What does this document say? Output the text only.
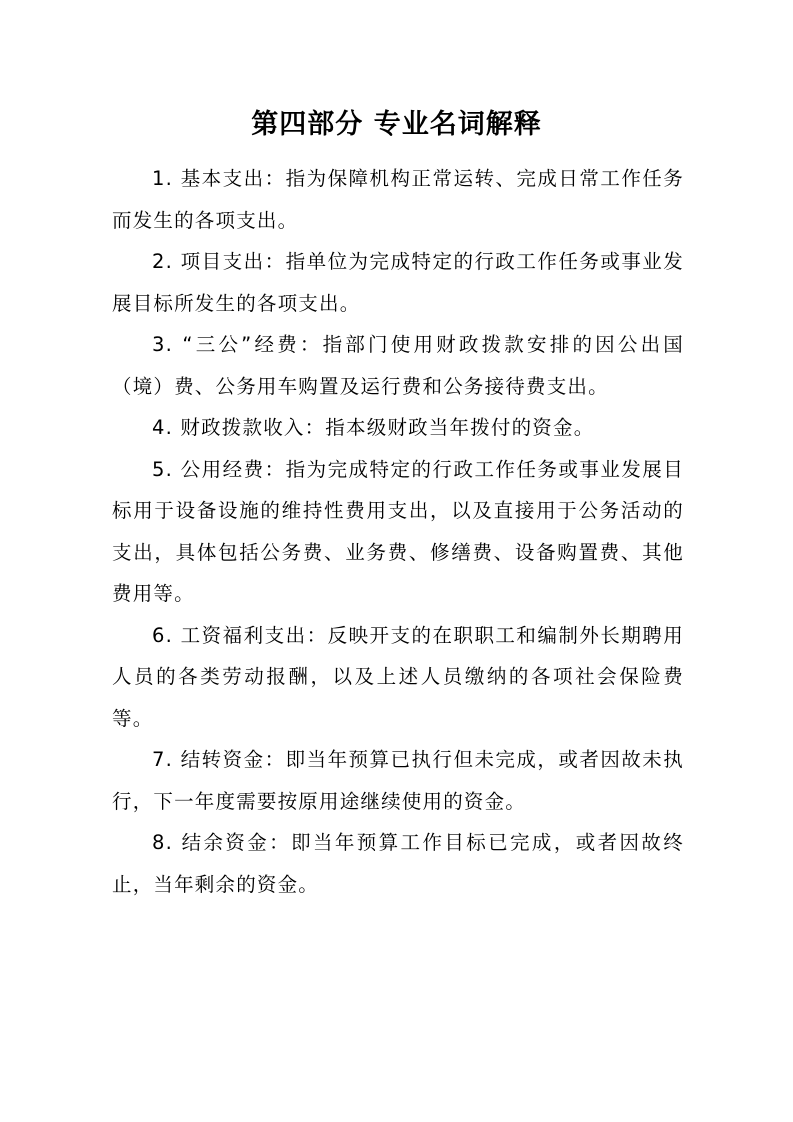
第四部分 专业名词解释

1. 基本支出：指为保障机构正常运转、完成日常工作任务而发生的各项支出。

2. 项目支出：指单位为完成特定的行政工作任务或事业发展目标所发生的各项支出。

3. “三公”经费：指部门使用财政拨款安排的因公出国（境）费、公务用车购置及运行费和公务接待费支出。

4. 财政拨款收入：指本级财政当年拨付的资金。

5. 公用经费：指为完成特定的行政工作任务或事业发展目标用于设备设施的维持性费用支出，以及直接用于公务活动的支出，具体包括公务费、业务费、修缮费、设备购置费、其他费用等。

6. 工资福利支出：反映开支的在职职工和编制外长期聘用人员的各类劳动报酬，以及上述人员缴纳的各项社会保险费等。

7. 结转资金：即当年预算已执行但未完成，或者因故未执行，下一年度需要按原用途继续使用的资金。

8. 结余资金：即当年预算工作目标已完成，或者因故终止，当年剩余的资金。
